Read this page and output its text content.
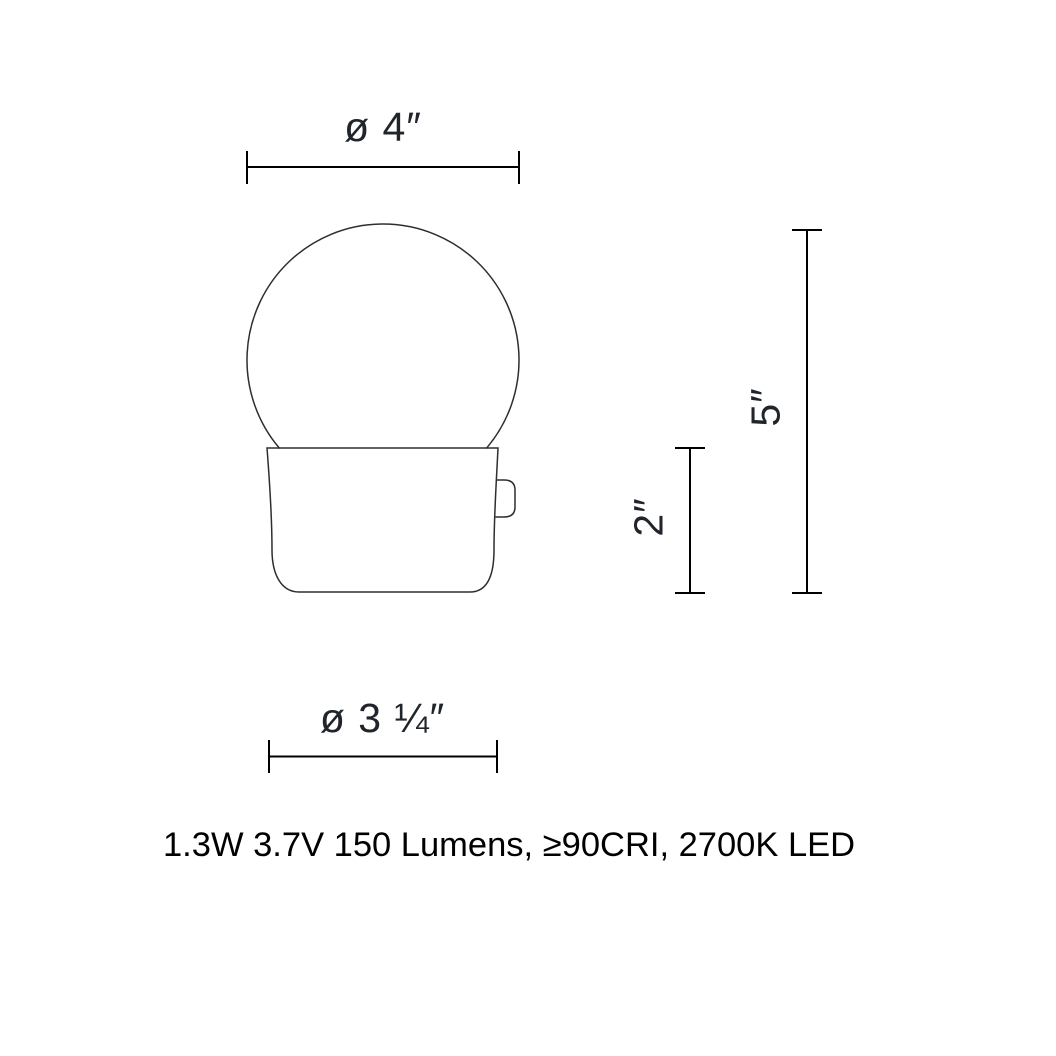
ø 4″
ø 3 ¼″
5″
2″
1.3W 3.7V 150 Lumens, ≥90CRI, 2700K LED
